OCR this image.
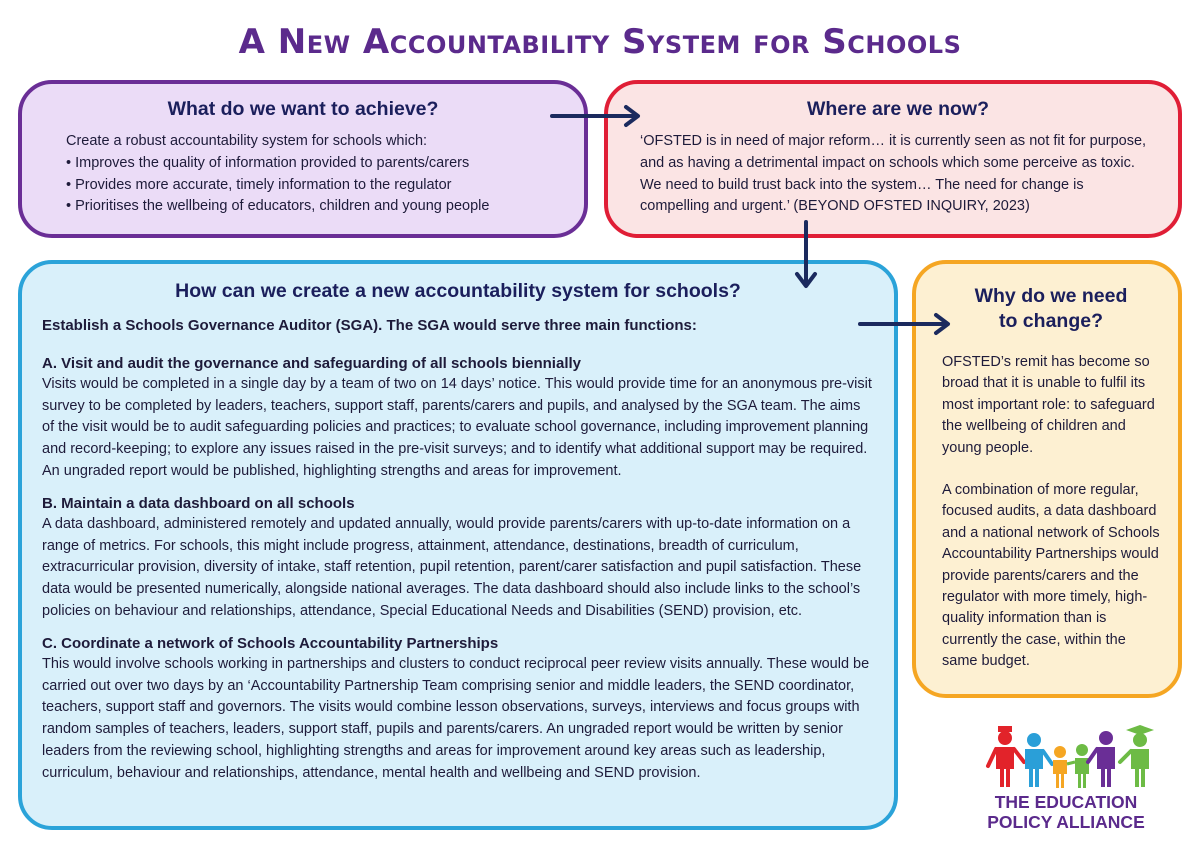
A New Accountability System for Schools
What do we want to achieve?

Create a robust accountability system for schools which:

• Improves the quality of information provided to parents/carers
• Provides more accurate, timely information to the regulator
• Prioritises the wellbeing of educators, children and young people
Where are we now?

‘OFSTED is in need of major reform… it is currently seen as not fit for purpose, and as having a detrimental impact on schools which some perceive as toxic. We need to build trust back into the system… The need for change is compelling and urgent.’ (BEYOND OFSTED INQUIRY, 2023)

How can we create a new accountability system for schools?

Establish a Schools Governance Auditor (SGA). The SGA would serve three main functions:

A. Visit and audit the governance and safeguarding of all schools biennially

Visits would be completed in a single day by a team of two on 14 days’ notice. This would provide time for an anonymous pre-visit survey to be completed by leaders, teachers, support staff, parents/carers and pupils, and analysed by the SGA team. The aims of the visit would be to audit safeguarding policies and practices; to evaluate school governance, including improvement planning and record-keeping; to explore any issues raised in the pre-visit surveys; and to identify what additional support may be required. An ungraded report would be published, highlighting strengths and areas for improvement.

B. Maintain a data dashboard on all schools

A data dashboard, administered remotely and updated annually, would provide parents/carers with up-to-date information on a range of metrics. For schools, this might include progress, attainment, attendance, destinations, breadth of curriculum, extracurricular provision, diversity of intake, staff retention, pupil retention, parent/carer satisfaction and pupil satisfaction. These data would be presented numerically, alongside national averages. The data dashboard should also include links to the school’s policies on behaviour and relationships, attendance, Special Educational Needs and Disabilities (SEND) provision, etc.

C. Coordinate a network of Schools Accountability Partnerships

This would involve schools working in partnerships and clusters to conduct reciprocal peer review visits annually. These would be carried out over two days by an ‘Accountability Partnership Team comprising senior and middle leaders, the SEND coordinator, teachers, support staff and governors. The visits would combine lesson observations, surveys, interviews and focus groups with random samples of teachers, leaders, support staff, pupils and parents/carers. An ungraded report would be written by senior leaders from the reviewing school, highlighting strengths and areas for improvement around key areas such as leadership, curriculum, behaviour and relationships, attendance, mental health and wellbeing and SEND provision.

Why do we need
to change?

OFSTED’s remit has become so broad that it is unable to fulfil its most important role: to safeguard the wellbeing of children and young people.

A combination of more regular, focused audits, a data dashboard and a national network of Schools Accountability Partnerships would provide parents/carers and the regulator with more timely, high-quality information than is currently the case, within the same budget.

THE EDUCATION
POLICY ALLIANCE
